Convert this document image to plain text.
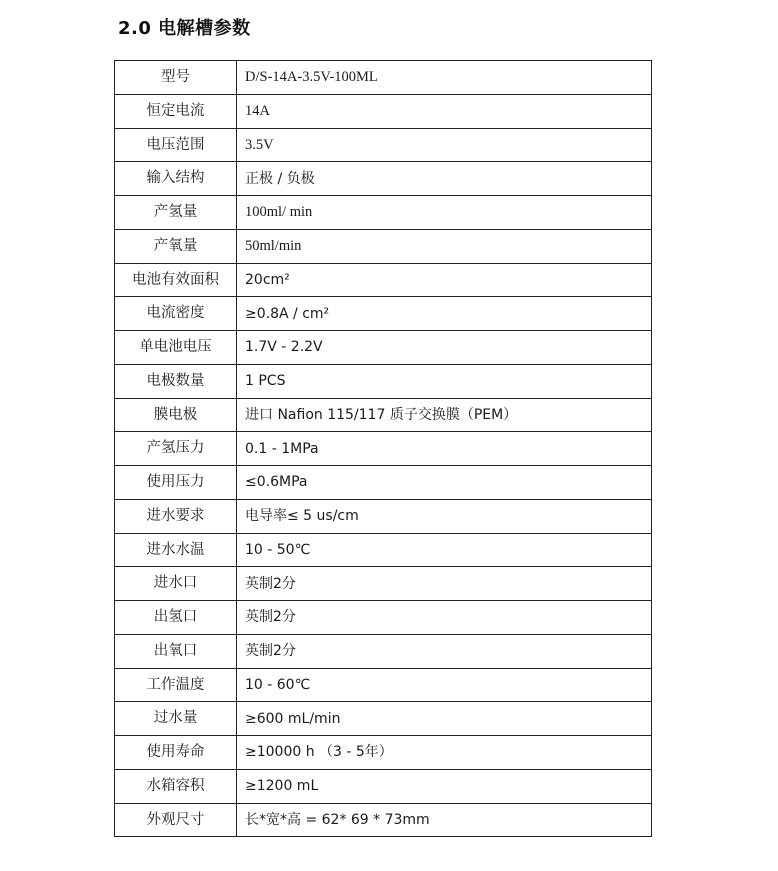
2.0 电解槽参数
型号	D/S-14A-3.5V-100ML
恒定电流	14A
电压范围	3.5V
输入结构	正极 / 负极
产氢量	100ml/ min
产氧量	50ml/min
电池有效面积	20cm²
电流密度	≥0.8A / cm²
单电池电压	1.7V - 2.2V
电极数量	1 PCS
膜电极	进口 Nafion 115/117 质子交换膜（PEM）
产氢压力	0.1 - 1MPa
使用压力	≤0.6MPa
进水要求	电导率≤ 5 us/cm
进水水温	10 - 50℃
进水口	英制2分
出氢口	英制2分
出氧口	英制2分
工作温度	10 - 60℃
过水量	≥600 mL/min
使用寿命	≥10000 h （3 - 5年）
水箱容积	≥1200 mL
外观尺寸	长*宽*高 = 62* 69 * 73mm
